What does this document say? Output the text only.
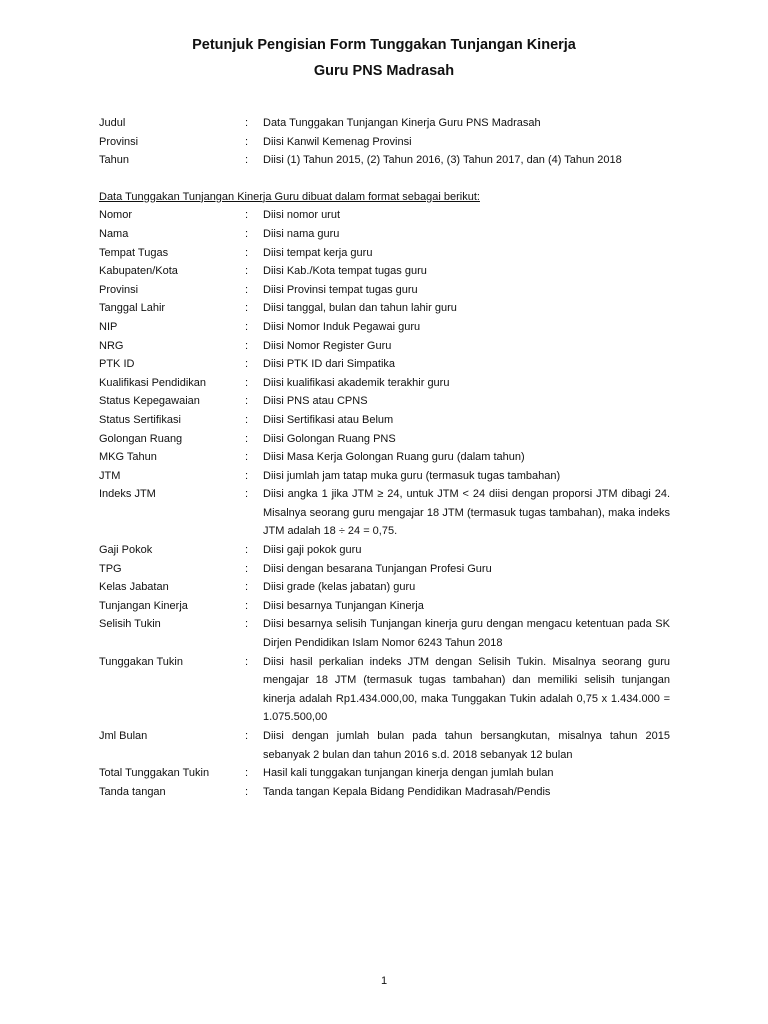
Petunjuk Pengisian Form Tunggakan Tunjangan Kinerja
Guru PNS Madrasah
Judul	:	Data Tunggakan Tunjangan Kinerja Guru PNS Madrasah
Provinsi	:	Diisi Kanwil Kemenag Provinsi
Tahun	:	Diisi (1) Tahun 2015, (2) Tahun 2016, (3) Tahun 2017, dan (4) Tahun 2018
Data Tunggakan Tunjangan Kinerja Guru dibuat dalam format sebagai berikut:
Nomor	:	Diisi nomor urut
Nama	:	Diisi nama guru
Tempat Tugas	:	Diisi tempat kerja guru
Kabupaten/Kota	:	Diisi Kab./Kota tempat tugas guru
Provinsi	:	Diisi Provinsi tempat tugas guru
Tanggal Lahir	:	Diisi tanggal, bulan dan tahun lahir guru
NIP	:	Diisi Nomor Induk Pegawai guru
NRG	:	Diisi Nomor Register Guru
PTK ID	:	Diisi PTK ID dari Simpatika
Kualifikasi Pendidikan	:	Diisi kualifikasi akademik terakhir guru
Status Kepegawaian	:	Diisi PNS atau CPNS
Status Sertifikasi	:	Diisi Sertifikasi atau Belum
Golongan Ruang	:	Diisi Golongan Ruang PNS
MKG Tahun	:	Diisi Masa Kerja Golongan Ruang guru (dalam tahun)
JTM	:	Diisi jumlah jam tatap muka guru (termasuk tugas tambahan)
Indeks JTM	:	Diisi angka 1 jika JTM ≥ 24, untuk JTM < 24 diisi dengan proporsi JTM dibagi 24. Misalnya seorang guru mengajar 18 JTM (termasuk tugas tambahan), maka indeks JTM adalah 18 ÷ 24 = 0,75.
Gaji Pokok	:	Diisi gaji pokok guru
TPG	:	Diisi dengan besarana Tunjangan Profesi Guru
Kelas Jabatan	:	Diisi grade (kelas jabatan) guru
Tunjangan Kinerja	:	Diisi besarnya Tunjangan Kinerja
Selisih Tukin	:	Diisi besarnya selisih Tunjangan kinerja guru dengan mengacu ketentuan pada SK Dirjen Pendidikan Islam Nomor 6243 Tahun 2018
Tunggakan Tukin	:	Diisi hasil perkalian indeks JTM dengan Selisih Tukin. Misalnya seorang guru mengajar 18 JTM (termasuk tugas tambahan) dan memiliki selisih tunjangan kinerja adalah Rp1.434.000,00, maka Tunggakan Tukin adalah 0,75 x 1.434.000 = 1.075.500,00
Jml Bulan	:	Diisi dengan jumlah bulan pada tahun bersangkutan, misalnya tahun 2015 sebanyak 2 bulan dan tahun 2016 s.d. 2018 sebanyak 12 bulan
Total Tunggakan Tukin	:	Hasil kali tunggakan tunjangan kinerja dengan jumlah bulan
Tanda tangan	:	Tanda tangan Kepala Bidang Pendidikan Madrasah/Pendis
1
